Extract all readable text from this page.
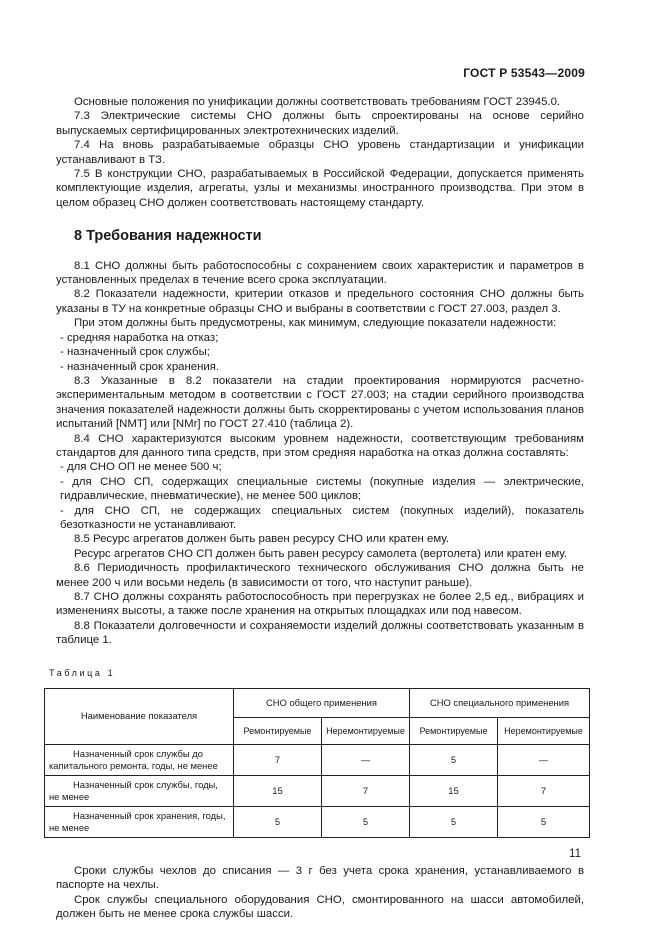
ГОСТ Р 53543—2009

Основные положения по унификации должны соответствовать требованиям ГОСТ 23945.0.

7.3 Электрические системы СНО должны быть спроектированы на основе серийно выпускаемых сертифицированных электротехнических изделий.

7.4 На вновь разрабатываемые образцы СНО уровень стандартизации и унификации устанавливают в ТЗ.

7.5 В конструкции СНО, разрабатываемых в Российской Федерации, допускается применять комплектующие изделия, агрегаты, узлы и механизмы иностранного производства. При этом в целом образец СНО должен соответствовать настоящему стандарту.

8 Требования надежности

8.1 СНО должны быть работоспособны с сохранением своих характеристик и параметров в установленных пределах в течение всего срока эксплуатации.

8.2 Показатели надежности, критерии отказов и предельного состояния СНО должны быть указаны в ТУ на конкретные образцы СНО и выбраны в соответствии с ГОСТ 27.003, раздел 3.

При этом должны быть предусмотрены, как минимум, следующие показатели надежности:

- средняя наработка на отказ;

- назначенный срок службы;

- назначенный срок хранения.

8.3 Указанные в 8.2 показатели на стадии проектирования нормируются расчетно-экспериментальным методом в соответствии с ГОСТ 27.003; на стадии серийного производства значения показателей надежности должны быть скорректированы с учетом использования планов испытаний [NMT] или [NMr] по ГОСТ 27.410 (таблица 2).

8.4 СНО характеризуются высоким уровнем надежности, соответствующим требованиям стандартов для данного типа средств, при этом средняя наработка на отказ должна составлять:

- для СНО ОП не менее 500 ч;

- для СНО СП, содержащих специальные системы (покупные изделия — электрические, гидравлические, пневматические), не менее 500 циклов;

- для СНО СП, не содержащих специальных систем (покупных изделий), показатель безотказности не устанавливают.

8.5 Ресурс агрегатов должен быть равен ресурсу СНО или кратен ему.

Ресурс агрегатов СНО СП должен быть равен ресурсу самолета (вертолета) или кратен ему.

8.6 Периодичность профилактического технического обслуживания СНО должна быть не менее 200 ч или восьми недель (в зависимости от того, что наступит раньше).

8.7 СНО должны сохранять работоспособность при перегрузках не более 2,5 ед., вибрациях и изменениях высоты, а также после хранения на открытых площадках или под навесом.

8.8 Показатели долговечности и сохраняемости изделий должны соответствовать указанным в таблице 1.

Таблица 1
Наименование показателя	СНО общего применения		СНО специального применения	
	Ремонтируемые	Неремонтируемые	Ремонтируемые	Неремонтируемые
Назначенный срок службы до капитального ремонта, годы, не менее	7	—	5	—
Назначенный срок службы, годы, не менее	15	7	15	7
Назначенный срок хранения, годы, не менее	5	5	5	5

Сроки службы чехлов до списания — 3 г без учета срока хранения, устанавливаемого в паспорте на чехлы.

Срок службы специального оборудования СНО, смонтированного на шасси автомобилей, должен быть не менее срока службы шасси.

11
